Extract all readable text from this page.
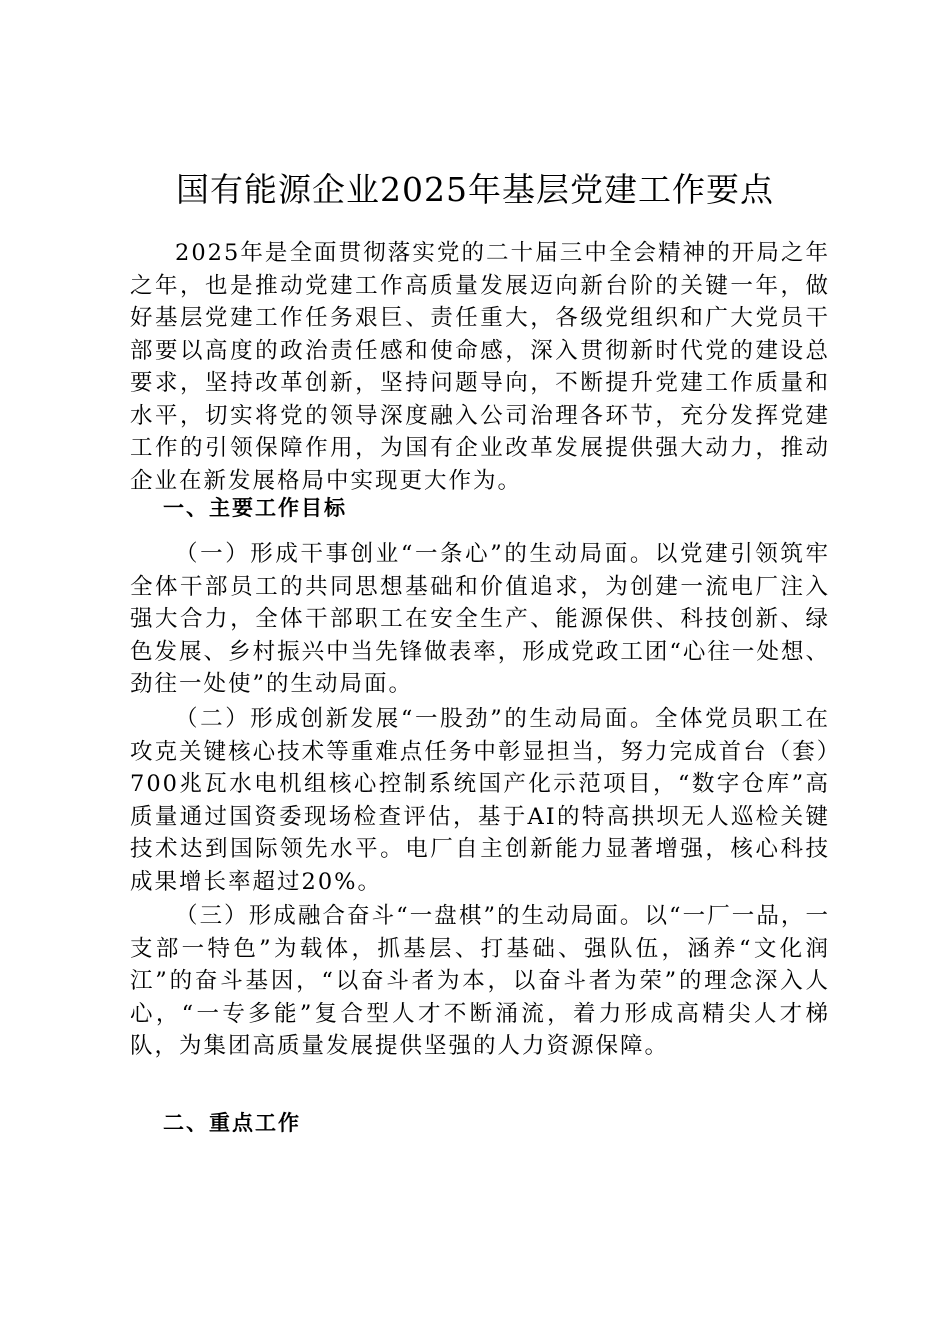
国有能源企业2025年基层党建工作要点

2025年是全面贯彻落实党的二十届三中全会精神的开局之年之年，也是推动党建工作高质量发展迈向新台阶的关键一年，做好基层党建工作任务艰巨、责任重大，各级党组织和广大党员干部要以高度的政治责任感和使命感，深入贯彻新时代党的建设总要求，坚持改革创新，坚持问题导向，不断提升党建工作质量和水平，切实将党的领导深度融入公司治理各环节，充分发挥党建工作的引领保障作用，为国有企业改革发展提供强大动力，推动企业在新发展格局中实现更大作为。

一、主要工作目标

（一）形成干事创业“一条心”的生动局面。以党建引领筑牢全体干部员工的共同思想基础和价值追求，为创建一流电厂注入强大合力，全体干部职工在安全生产、能源保供、科技创新、绿色发展、乡村振兴中当先锋做表率，形成党政工团“心往一处想、劲往一处使”的生动局面。

（二）形成创新发展“一股劲”的生动局面。全体党员职工在攻克关键核心技术等重难点任务中彰显担当，努力完成首台（套）700兆瓦水电机组核心控制系统国产化示范项目，“数字仓库”高质量通过国资委现场检查评估，基于AI的特高拱坝无人巡检关键技术达到国际领先水平。电厂自主创新能力显著增强，核心科技成果增长率超过20%。

（三）形成融合奋斗“一盘棋”的生动局面。以“一厂一品，一支部一特色”为载体，抓基层、打基础、强队伍，涵养“文化润江”的奋斗基因，“以奋斗者为本，以奋斗者为荣”的理念深入人心，“一专多能”复合型人才不断涌流，着力形成高精尖人才梯队，为集团高质量发展提供坚强的人力资源保障。

二、重点工作
